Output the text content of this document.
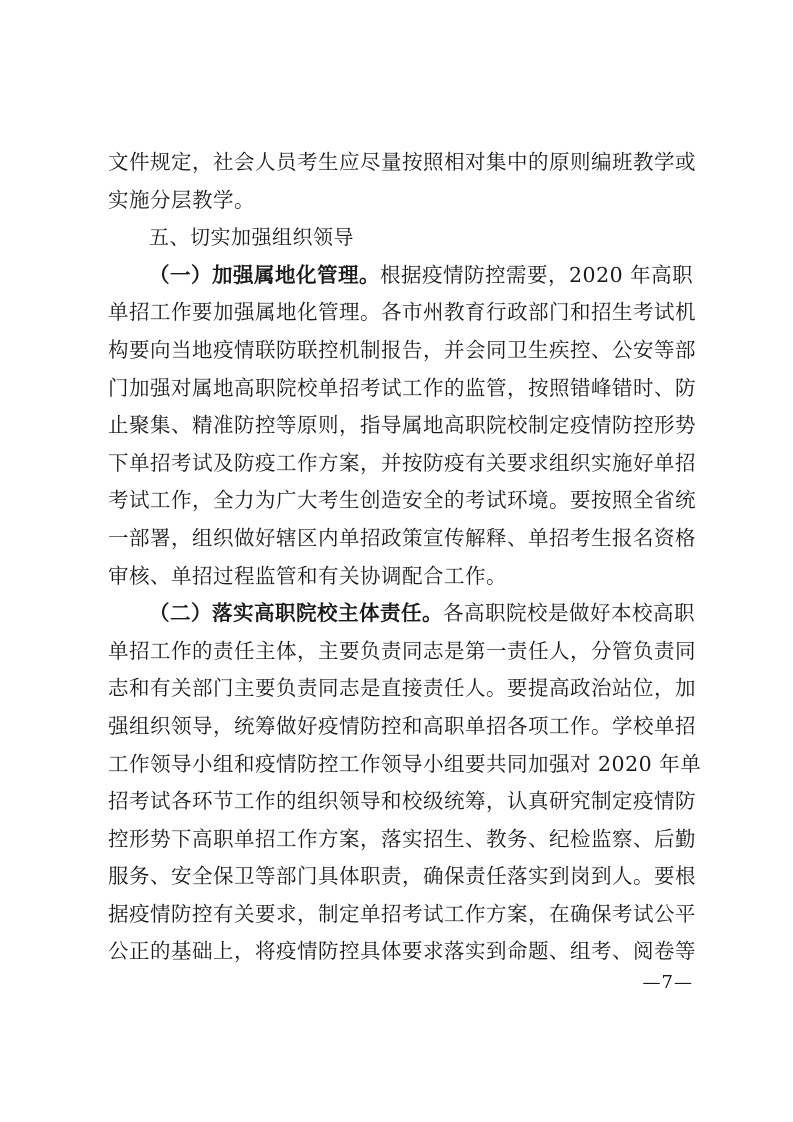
文件规定，社会人员考生应尽量按照相对集中的原则编班教学或
实施分层教学。
五、切实加强组织领导
（一）加强属地化管理。根据疫情防控需要，2020 年高职
单招工作要加强属地化管理。各市州教育行政部门和招生考试机
构要向当地疫情联防联控机制报告，并会同卫生疾控、公安等部
门加强对属地高职院校单招考试工作的监管，按照错峰错时、防
止聚集、精准防控等原则，指导属地高职院校制定疫情防控形势
下单招考试及防疫工作方案，并按防疫有关要求组织实施好单招
考试工作，全力为广大考生创造安全的考试环境。要按照全省统
一部署，组织做好辖区内单招政策宣传解释、单招考生报名资格
审核、单招过程监管和有关协调配合工作。
（二）落实高职院校主体责任。各高职院校是做好本校高职
单招工作的责任主体，主要负责同志是第一责任人，分管负责同
志和有关部门主要负责同志是直接责任人。要提高政治站位，加
强组织领导，统筹做好疫情防控和高职单招各项工作。学校单招
工作领导小组和疫情防控工作领导小组要共同加强对 2020 年单
招考试各环节工作的组织领导和校级统筹，认真研究制定疫情防
控形势下高职单招工作方案，落实招生、教务、纪检监察、后勤
服务、安全保卫等部门具体职责，确保责任落实到岗到人。要根
据疫情防控有关要求，制定单招考试工作方案，在确保考试公平
公正的基础上，将疫情防控具体要求落实到命题、组考、阅卷等
—7—
